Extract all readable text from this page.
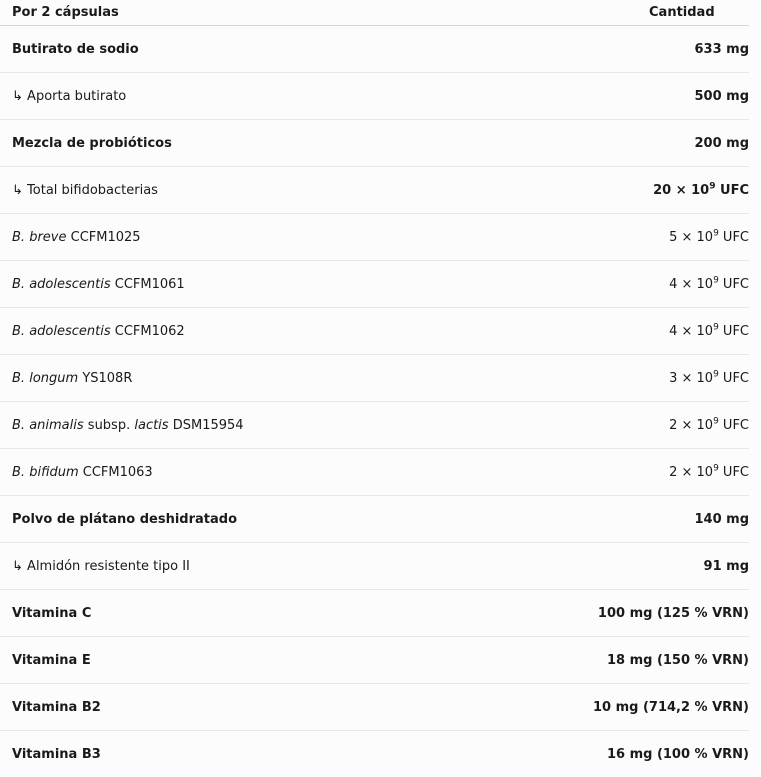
Por 2 cápsulas	Cantidad
Butirato de sodio	633 mg
↳ Aporta butirato	500 mg
Mezcla de probióticos	200 mg
↳ Total bifidobacterias	$20 \times 10^9$ UFC
B. breve CCFM1025	$5 \times 10^9$ UFC
B. adolescentis CCFM1061	$4 \times 10^9$ UFC
B. adolescentis CCFM1062	$4 \times 10^9$ UFC
B. longum YS108R	$3 \times 10^9$ UFC
B. animalis subsp. lactis DSM15954	$2 \times 10^9$ UFC
B. bifidum CCFM1063	$2 \times 10^9$ UFC
Polvo de plátano deshidratado	140 mg
↳ Almidón resistente tipo II	91 mg
Vitamina C	100 mg (125 % VRN)
Vitamina E	18 mg (150 % VRN)
Vitamina B2	10 mg (714,2 % VRN)
Vitamina B3	16 mg (100 % VRN)
